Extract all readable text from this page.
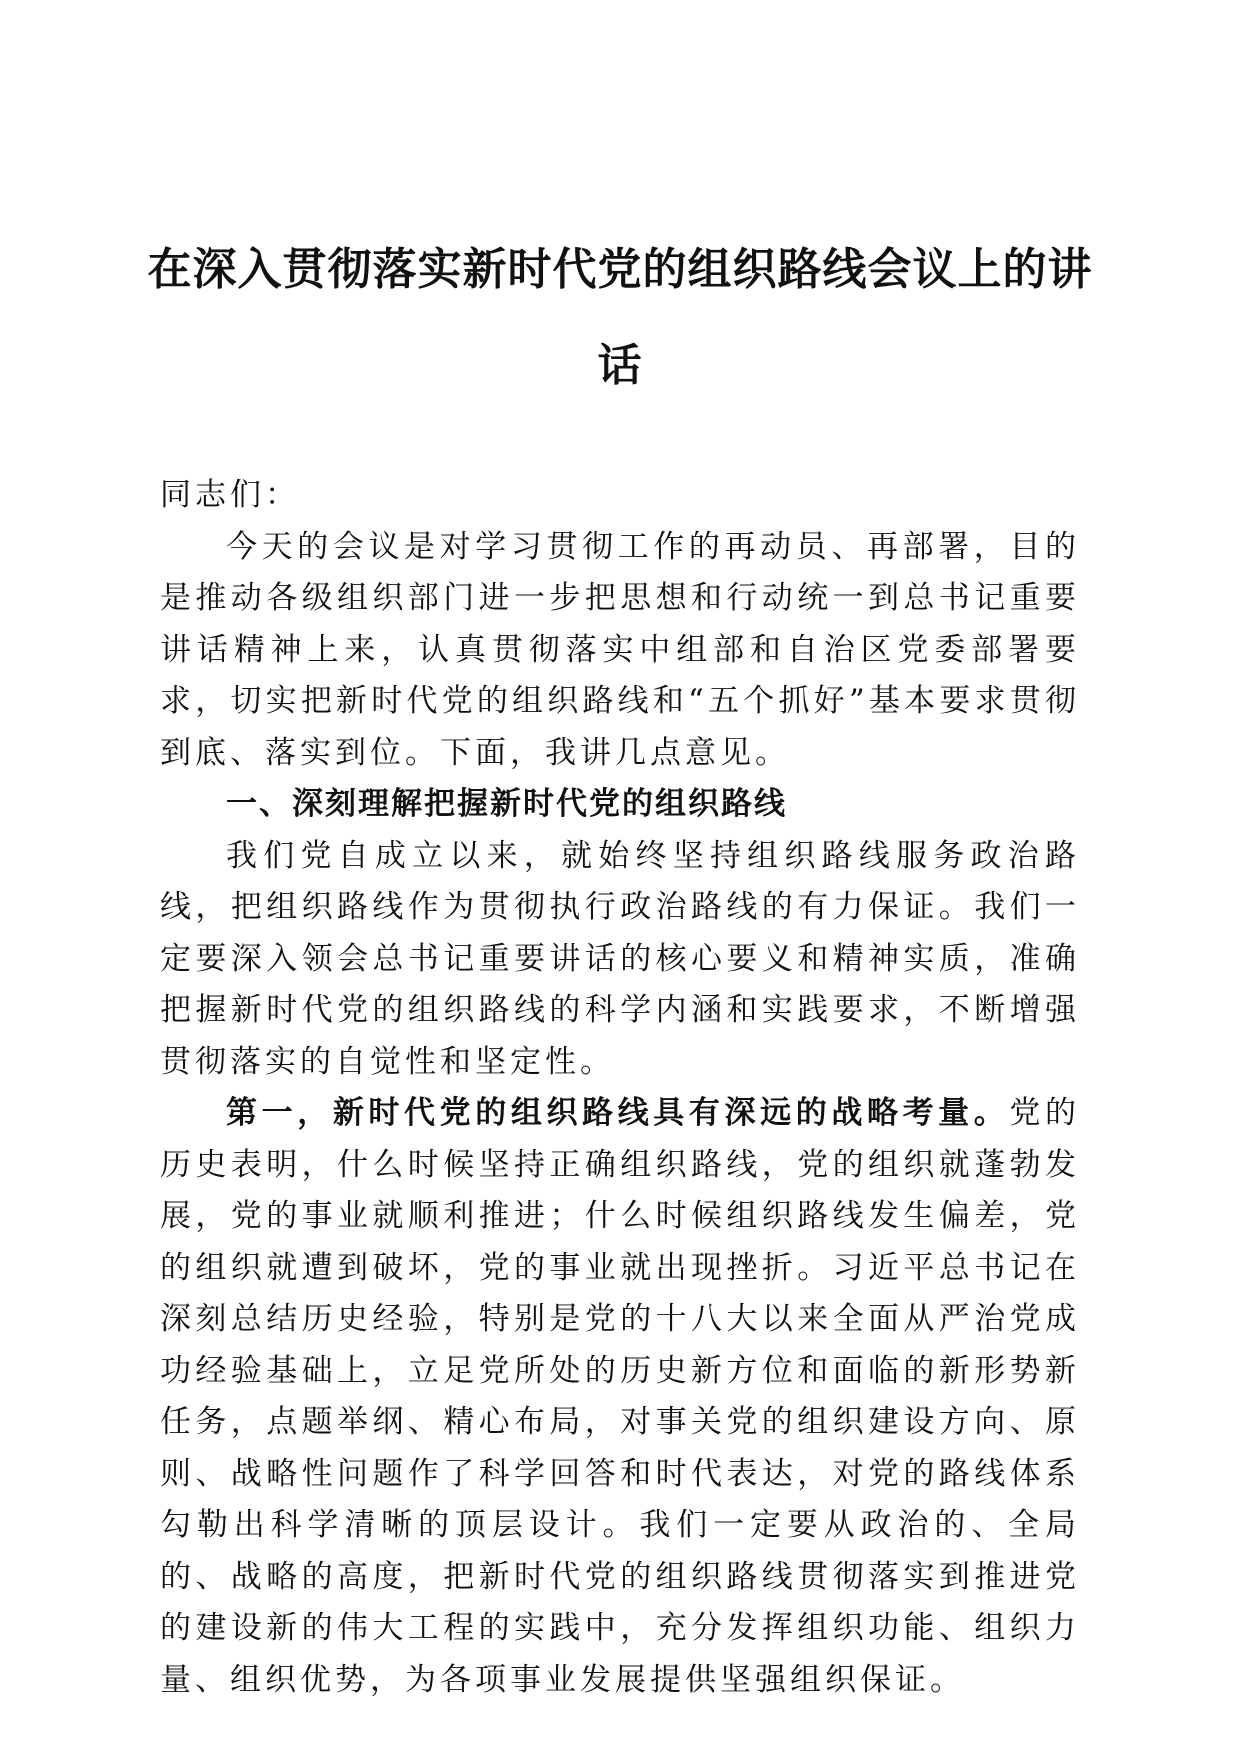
在深入贯彻落实新时代党的组织路线会议上的讲话

同志们：

今天的会议是对学习贯彻工作的再动员、再部署，目的是推动各级组织部门进一步把思想和行动统一到总书记重要讲话精神上来，认真贯彻落实中组部和自治区党委部署要求，切实把新时代党的组织路线和“五个抓好”基本要求贯彻到底、落实到位。下面，我讲几点意见。

一、深刻理解把握新时代党的组织路线

我们党自成立以来，就始终坚持组织路线服务政治路线，把组织路线作为贯彻执行政治路线的有力保证。我们一定要深入领会总书记重要讲话的核心要义和精神实质，准确把握新时代党的组织路线的科学内涵和实践要求，不断增强贯彻落实的自觉性和坚定性。

第一，新时代党的组织路线具有深远的战略考量。党的历史表明，什么时候坚持正确组织路线，党的组织就蓬勃发展，党的事业就顺利推进；什么时候组织路线发生偏差，党的组织就遭到破坏，党的事业就出现挫折。习近平总书记在深刻总结历史经验，特别是党的十八大以来全面从严治党成功经验基础上，立足党所处的历史新方位和面临的新形势新任务，点题举纲、精心布局，对事关党的组织建设方向、原则、战略性问题作了科学回答和时代表达，对党的路线体系勾勒出科学清晰的顶层设计。我们一定要从政治的、全局的、战略的高度，把新时代党的组织路线贯彻落实到推进党的建设新的伟大工程的实践中，充分发挥组织功能、组织力量、组织优势，为各项事业发展提供坚强组织保证。
